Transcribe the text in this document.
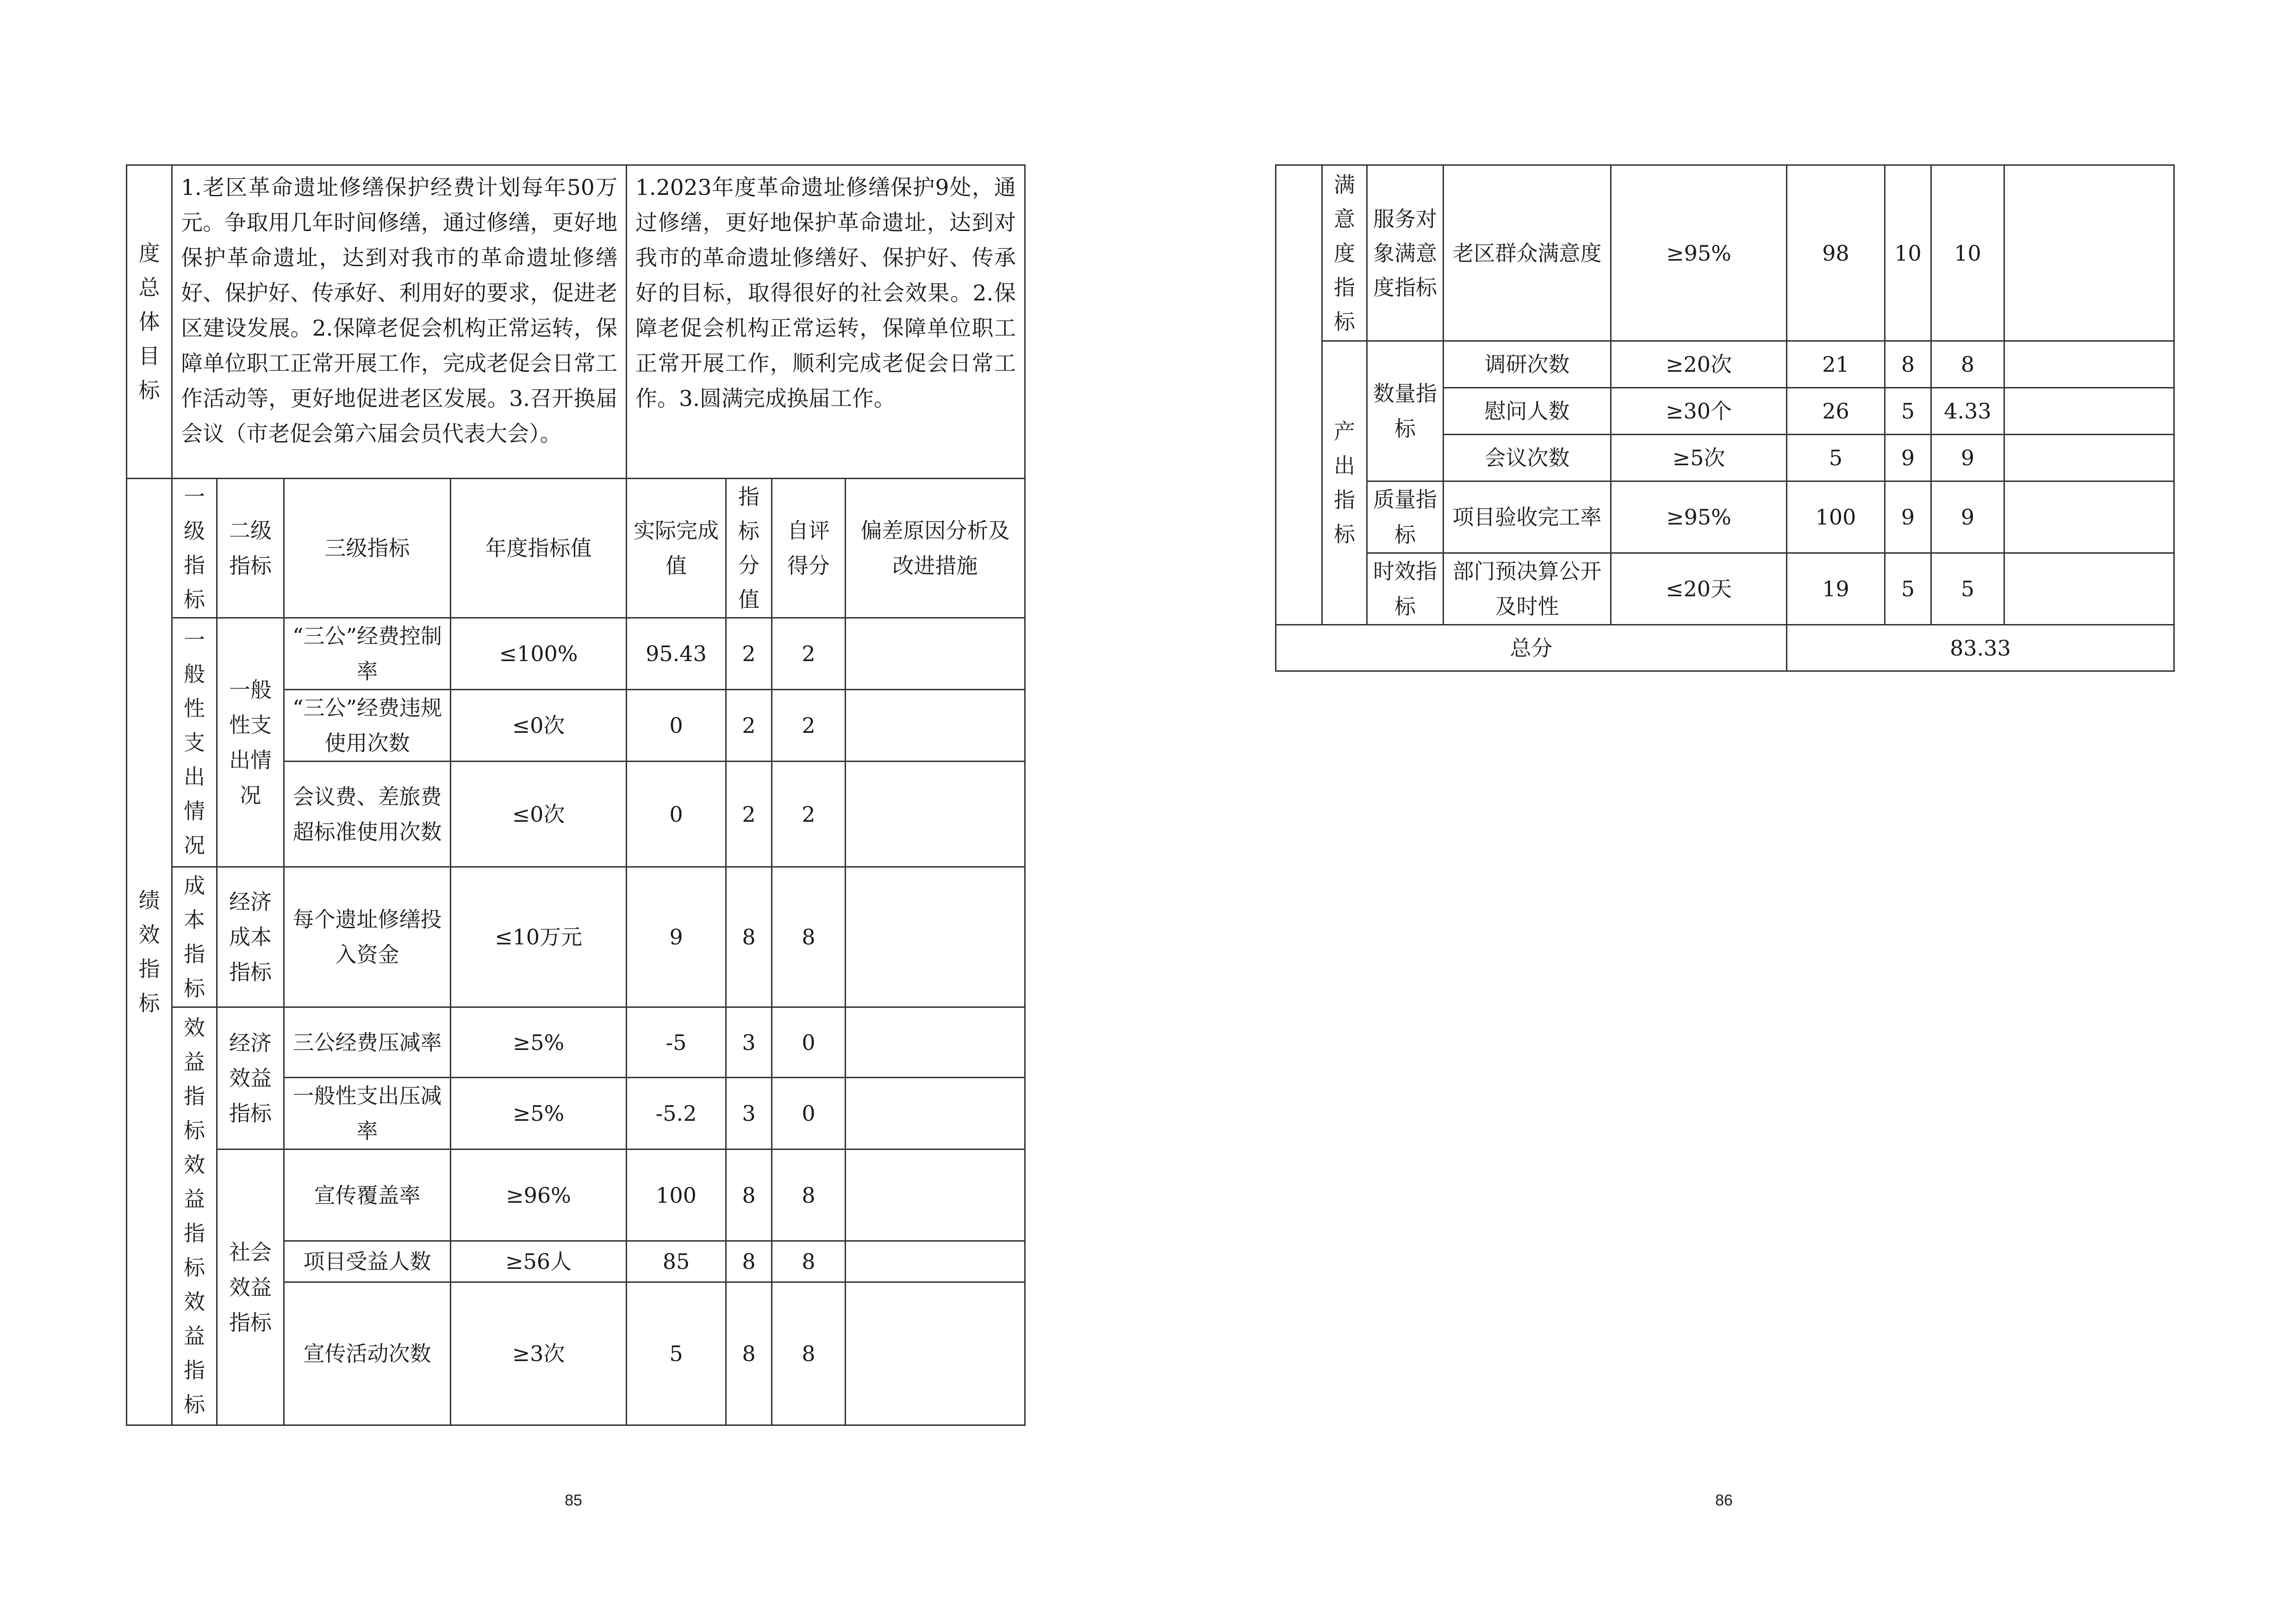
度总体目标	1.老区革命遗址修缮保护经费计划每年50万元。争取用几年时间修缮，通过修缮，更好地保护革命遗址，达到对我市的革命遗址修缮好、保护好、传承好、利用好的要求，促进老区建设发展。2.保障老促会机构正常运转，保障单位职工正常开展工作，完成老促会日常工作活动等，更好地促进老区发展。3.召开换届会议（市老促会第六届会员代表大会）。				1.2023年度革命遗址修缮保护9处，通过修缮，更好地保护革命遗址，达到对我市的革命遗址修缮好、保护好、传承好的目标，取得很好的社会效果。2.保障老促会机构正常运转，保障单位职工正常开展工作，顺利完成老促会日常工作。3.圆满完成换届工作。			
绩效指标	一级指标	二级指标	三级指标	年度指标值	实际完成值	指标分值	自评得分	偏差原因分析及改进措施
	一般性支出情况	一般性支出情况	“三公”经费控制率	≤100%	95.43	2	2	
			“三公”经费违规使用次数	≤0次	0	2	2	
			会议费、差旅费超标准使用次数	≤0次	0	2	2	
	成本指标	经济成本指标	每个遗址修缮投入资金	≤10万元	9	8	8	
	效益指标效益指标效益指标	经济效益指标	三公经费压减率	≥5%	-5	3	0	
			一般性支出压减率	≥5%	-5.2	3	0	
		社会效益指标	宣传覆盖率	≥96%	100	8	8	
			项目受益人数	≥56人	85	8	8	
			宣传活动次数	≥3次	5	8	8	
85
	满意度指标	服务对象满意度指标	老区群众满意度	≥95%	98	10	10	
	产出指标	数量指标	调研次数	≥20次	21	8	8	
			慰问人数	≥30个	26	5	4.33	
			会议次数	≥5次	5	9	9	
		质量指标	项目验收完工率	≥95%	100	9	9	
		时效指标	部门预决算公开及时性	≤20天	19	5	5	
总分					83.33			
86
